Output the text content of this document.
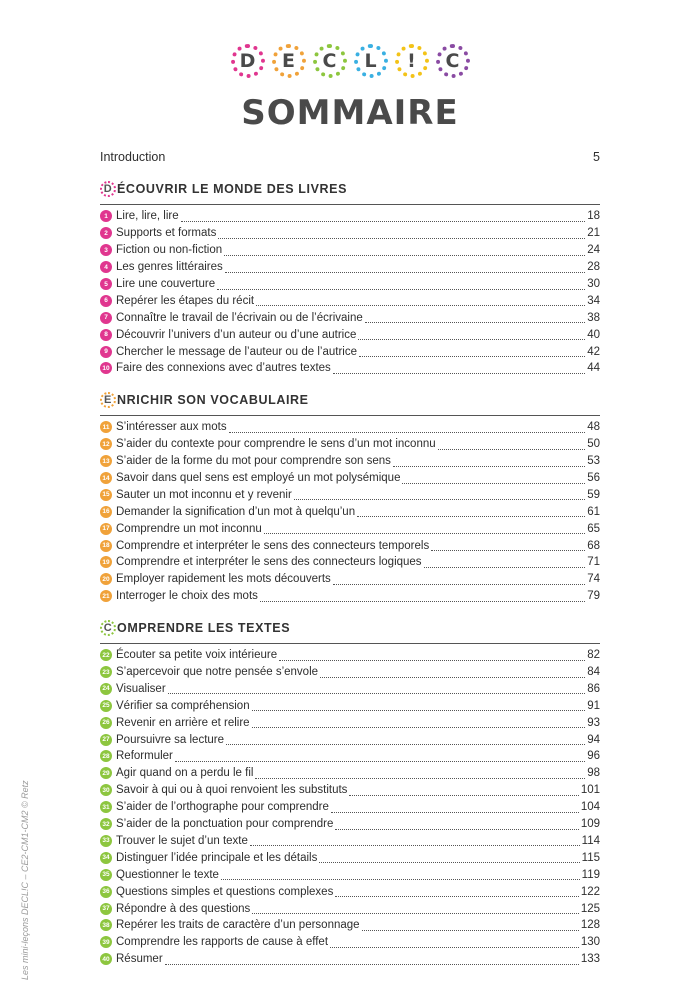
D E C	L	!	C
SOMMAIRE
Introduction	5
D ÉCOUVRIR LE MONDE DES LIVRES
1 Lire, lire, lire	18
2 Supports et formats	21
3 Fiction ou non-fiction	24
4 Les genres littéraires	28
5 Lire une couverture	30
6 Repérer les étapes du récit	34
7 Connaître le travail de l’écrivain ou de l’écrivaine	38
8 Découvrir l’univers d’un auteur ou d’une autrice	40
9 Chercher le message de l’auteur ou de l’autrice	42
10 Faire des connexions avec d’autres textes	44
E NRICHIR SON VOCABULAIRE
11 S’intéresser aux mots	48
12 S’aider du contexte pour comprendre le sens d’un mot inconnu	50
13 S’aider de la forme du mot pour comprendre son sens	53
14 Savoir dans quel sens est employé un mot polysémique	56
15 Sauter un mot inconnu et y revenir	59
16 Demander la signification d’un mot à quelqu’un	61
17 Comprendre un mot inconnu	65
18 Comprendre et interpréter le sens des connecteurs temporels	68
19 Comprendre et interpréter le sens des connecteurs logiques	71
20 Employer rapidement les mots découverts	74
21 Interroger le choix des mots	79
C OMPRENDRE LES TEXTES
22 Écouter sa petite voix intérieure	82
23 S’apercevoir que notre pensée s’envole	84
24 Visualiser	86
25 Vérifier sa compréhension	91
26 Revenir en arrière et relire	93
27 Poursuivre sa lecture	94
28 Reformuler	96
29 Agir quand on a perdu le fil	98
30 Savoir à qui ou à quoi renvoient les substituts	101
31 S’aider de l’orthographe pour comprendre	104
32 S’aider de la ponctuation pour comprendre	109
33 Trouver le sujet d’un texte	114
34 Distinguer l’idée principale et les détails	115
35 Questionner le texte	119
36 Questions simples et questions complexes	122
37 Répondre à des questions	125
38 Repérer les traits de caractère d’un personnage	128
39 Comprendre les rapports de cause à effet	130
40 Résumer	133
Les mini-leçons DECL!C – CE2-CM1-CM2 © Retz
